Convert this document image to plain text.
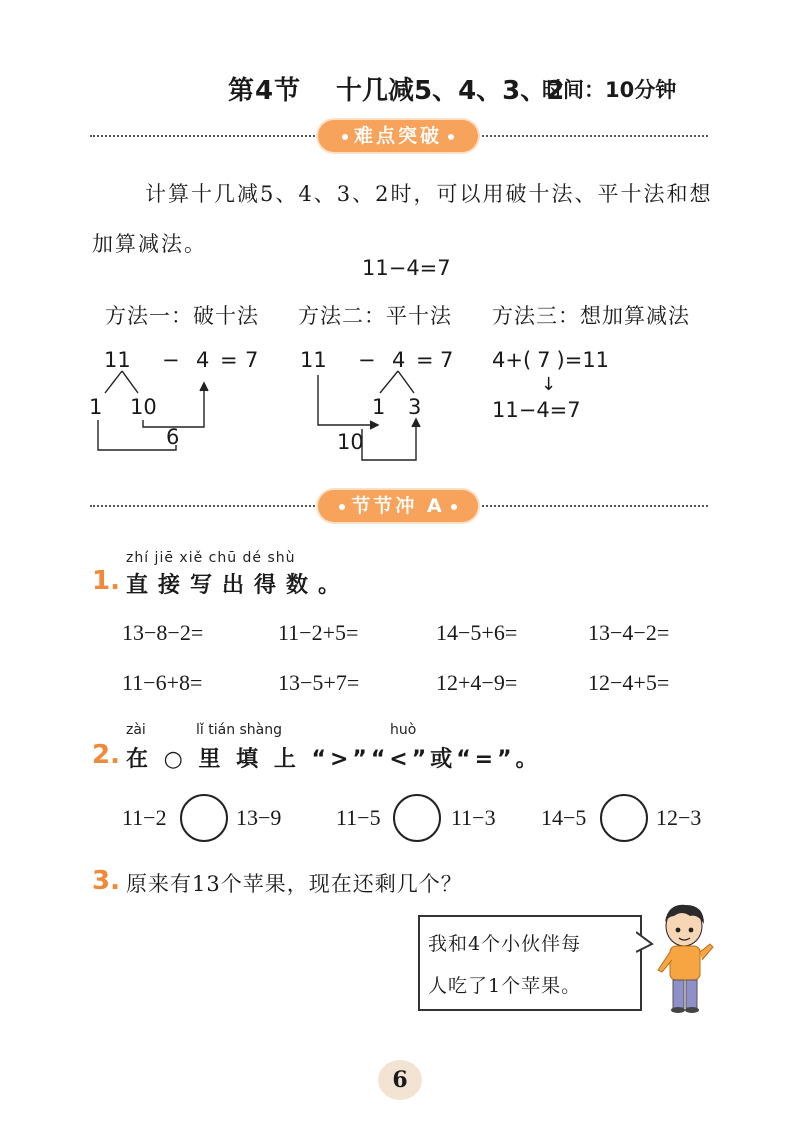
第4节 十几减5、4、3、2
时间：10分钟
难点突破
计算十几减5、4、3、2时，可以用破十法、平十法和想
加算减法。
11−4=7
方法一：破十法 方法二：平十法 方法三：想加算减法
11 − 4 = 7
1 10
6
11 − 4 = 7
1 3
10
4+( 7 )=11
↓
11−4=7
节节冲 A
zhí jiē xiě chū dé shù
1. 直接写出得数。
13−8−2=	11−2+5=	14−5+6=	13−4−2=
11−6+8=	13−5+7=	12+4−9=	12−4+5=
zài	lǐ tián shàng	huò
2. 在 ○ 里 填 上 “>”“<”或“=”。
11−2	13−9 11−5	11−3 14−5	12−3
3. 原来有13个苹果，现在还剩几个？
我和4个小伙伴每
人吃了1个苹果。
6
